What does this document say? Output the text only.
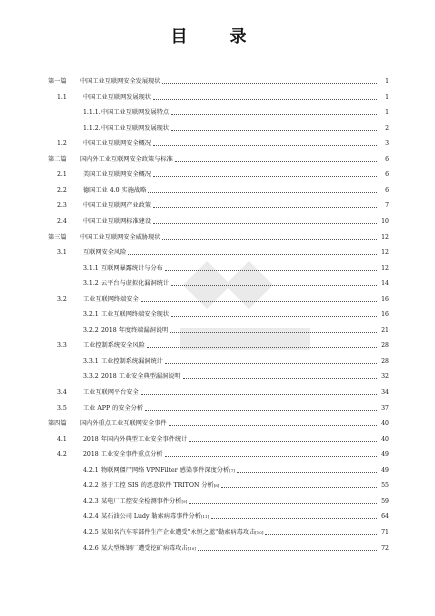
目 录
第一篇	中国工业互联网安全发展现状	1
1.1	中国工业互联网发展现状	1
1.1.1. 中国工业互联网发展特点	1
1.1.2. 中国工业互联网发展现状	2
1.2	中国工业互联网安全概况	3
第二篇	国内外工业互联网安全政策与标准	6
2.1	美国工业互联网安全概况	6
2.2	德国工业 4.0 实施战略	6
2.3	中国工业互联网产业政策	7
2.4	中国工业互联网标准建设	10
第三篇	中国工业互联网安全威胁现状	12
3.1	互联网安全风险	12
3.1.1 互联网暴露统计与分布	12
3.1.2 云平台与虚拟化漏洞统计	14
3.2	工业互联网终端安全	16
3.2.1 工业互联网终端安全现状	16
3.2.2 2018 年度终端漏洞说明	21
3.3	工业控制系统安全风险	28
3.3.1 工业控制系统漏洞统计	28
3.3.2 2018 工业安全典型漏洞说明	32
3.4	工业互联网平台安全	34
3.5	工业 APP 的安全分析	37
第四篇	国内外重点工业互联网安全事件	40
4.1	2018 年国内外典型工业安全事件统计	40
4.2	2018 工业安全事件重点分析	49
4.2.1 物联网僵尸网络 VPNFilter 感染事件深度分析 [7]	49
4.2.2 基于工控 SIS 的恶意软件 TRITON 分析 [8]	55
4.2.3 某电厂工控安全检测事件分析 [9]	59
4.2.4 某石油公司 Ludy 勒索病毒事件分析 [11]	64
4.2.5 某知名汽车零部件生产企业遭受"永恒之蓝"勒索病毒攻击 [10]	71
4.2.6 某大型炼钢厂遭受挖矿病毒攻击 [10]	72
